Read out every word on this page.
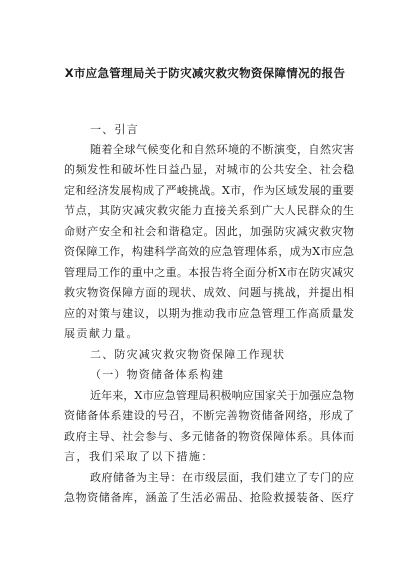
X市应急管理局关于防灾减灾救灾物资保障情况的报告
一、引言
随着全球气候变化和自然环境的不断演变，自然灾害
的频发性和破坏性日益凸显，对城市的公共安全、社会稳
定和经济发展构成了严峻挑战。X市，作为区域发展的重要
节点，其防灾减灾救灾能力直接关系到广大人民群众的生
命财产安全和社会和谐稳定。因此，加强防灾减灾救灾物
资保障工作，构建科学高效的应急管理体系，成为X市应急
管理局工作的重中之重。本报告将全面分析X市在防灾减灾
救灾物资保障方面的现状、成效、问题与挑战，并提出相
应的对策与建议，以期为推动我市应急管理工作高质量发
展贡献力量。
二、防灾减灾救灾物资保障工作现状
（一）物资储备体系构建
近年来，X市应急管理局积极响应国家关于加强应急物
资储备体系建设的号召，不断完善物资储备网络，形成了
政府主导、社会参与、多元储备的物资保障体系。具体而
言，我们采取了以下措施：
政府储备为主导：在市级层面，我们建立了专门的应
急物资储备库，涵盖了生活必需品、抢险救援装备、医疗
